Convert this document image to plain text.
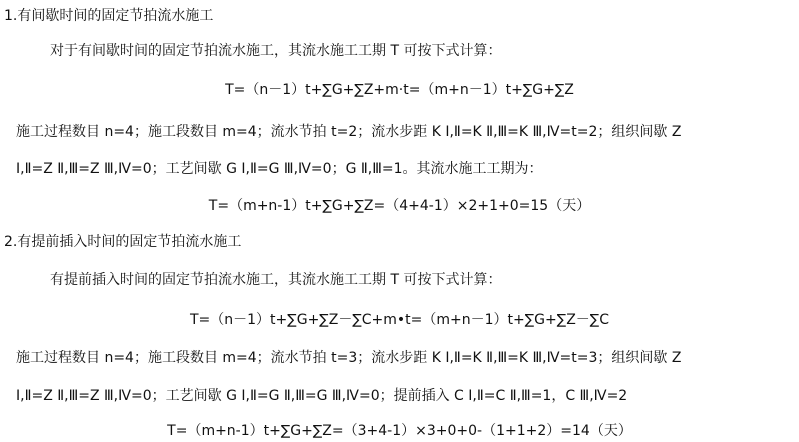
1.有间歇时间的固定节拍流水施工
对于有间歇时间的固定节拍流水施工，其流水施工工期 T 可按下式计算：
T=（n－1）t+∑G+∑Z+m·t=（m+n－1）t+∑G+∑Z
施工过程数目 n=4；施工段数目 m=4；流水节拍 t=2；流水步距 K Ⅰ,Ⅱ=K Ⅱ,Ⅲ=K Ⅲ,Ⅳ=t=2；组织间歇 Z
Ⅰ,Ⅱ=Z Ⅱ,Ⅲ=Z Ⅲ,Ⅳ=0；工艺间歇 G Ⅰ,Ⅱ=G Ⅲ,Ⅳ=0；G Ⅱ,Ⅲ=1。其流水施工工期为：
T=（m+n-1）t+∑G+∑Z=（4+4-1）×2+1+0=15（天）
2.有提前插入时间的固定节拍流水施工
有提前插入时间的固定节拍流水施工，其流水施工工期 T 可按下式计算：
T=（n－1）t+∑G+∑Z－∑C+m•t=（m+n－1）t+∑G+∑Z－∑C
施工过程数目 n=4；施工段数目 m=4；流水节拍 t=3；流水步距 K Ⅰ,Ⅱ=K Ⅱ,Ⅲ=K Ⅲ,Ⅳ=t=3；组织间歇 Z
Ⅰ,Ⅱ=Z Ⅱ,Ⅲ=Z Ⅲ,Ⅳ=0；工艺间歇 G Ⅰ,Ⅱ=G Ⅱ,Ⅲ=G Ⅲ,Ⅳ=0；提前插入 C Ⅰ,Ⅱ=C Ⅱ,Ⅲ=1，C Ⅲ,Ⅳ=2
T=（m+n-1）t+∑G+∑Z=（3+4-1）×3+0+0-（1+1+2）=14（天）
